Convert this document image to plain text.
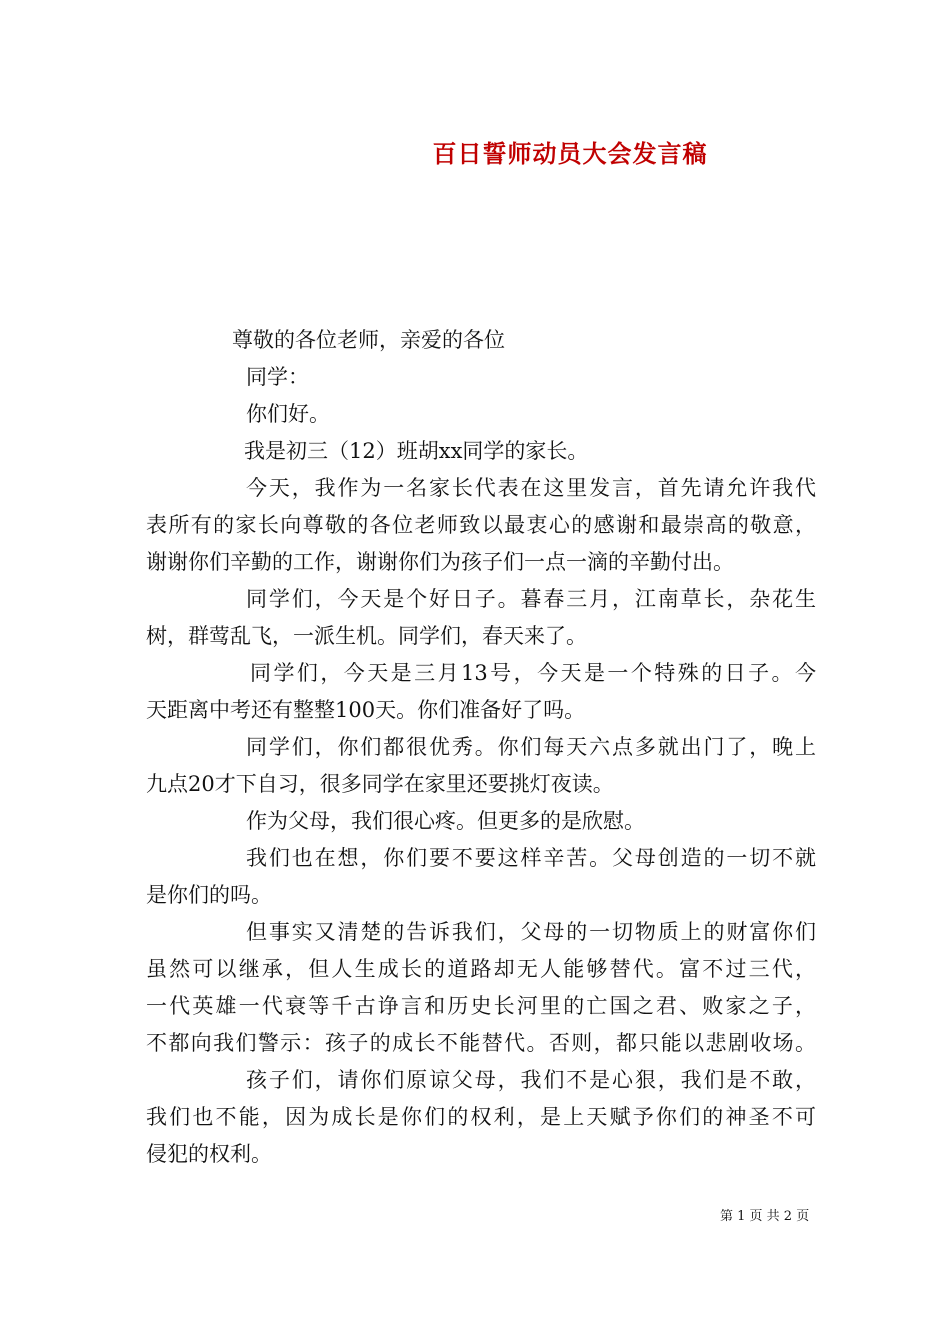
百日誓师动员大会发言稿
尊敬的各位老师，亲爱的各位
同学：
你们好。
我是初三（12）班胡xx同学的家长。
今天，我作为一名家长代表在这里发言，首先请允许我代
表所有的家长向尊敬的各位老师致以最衷心的感谢和最崇高的敬意，
谢谢你们辛勤的工作，谢谢你们为孩子们一点一滴的辛勤付出。
同学们，今天是个好日子。暮春三月，江南草长，杂花生
树，群莺乱飞，一派生机。同学们，春天来了。
同学们，今天是三月13号，今天是一个特殊的日子。今
天距离中考还有整整100天。你们准备好了吗。
同学们，你们都很优秀。你们每天六点多就出门了，晚上
九点20才下自习，很多同学在家里还要挑灯夜读。
作为父母，我们很心疼。但更多的是欣慰。
我们也在想，你们要不要这样辛苦。父母创造的一切不就
是你们的吗。
但事实又清楚的告诉我们，父母的一切物质上的财富你们
虽然可以继承，但人生成长的道路却无人能够替代。富不过三代，
一代英雄一代衰等千古诤言和历史长河里的亡国之君、败家之子，
不都向我们警示：孩子的成长不能替代。否则，都只能以悲剧收场。
孩子们，请你们原谅父母，我们不是心狠，我们是不敢，
我们也不能，因为成长是你们的权利，是上天赋予你们的神圣不可
侵犯的权利。
第 1 页 共 2 页
